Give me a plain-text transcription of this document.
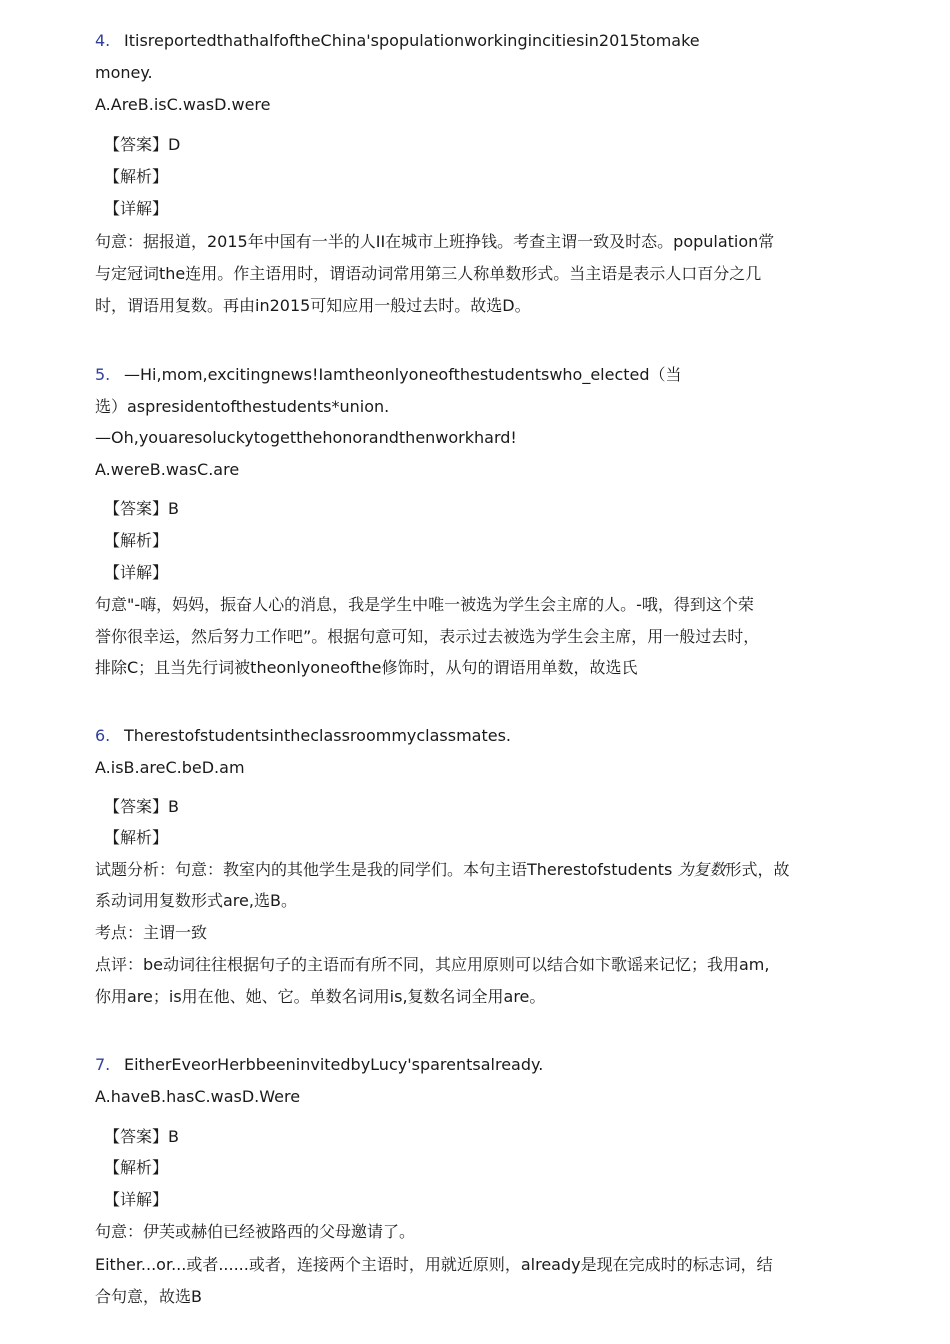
4. ItisreportedthathalfoftheChina'spopulationworkingincitiesin2015tomake
money.
A.AreB.isC.wasD.were
【答案】D
【解析】
【详解】
句意：据报道，2015年中国有一半的人II在城市上班挣钱。考查主谓一致及时态。population常
与定冠词the连用。作主语用时，谓语动词常用第三人称单数形式。当主语是表示人口百分之几
时，谓语用复数。再由in2015可知应用一般过去时。故选D。
5. —Hi,mom,excitingnews!Iamtheonlyoneofthestudentswho_elected（当
选）aspresidentofthestudents*union.
—Oh,youaresoluckytogetthehonorandthenworkhard!
A.wereB.wasC.are
【答案】B
【解析】
【详解】
句意"-嗨，妈妈，振奋人心的消息，我是学生中唯一被选为学生会主席的人。-哦，得到这个荣
誉你很幸运，然后努力工作吧”。根据句意可知，表示过去被选为学生会主席，用一般过去时，
排除C；且当先行词被theonlyoneofthe修饰时，从句的谓语用单数，故选氏
6. Therestofstudentsintheclassroommyclassmates.
A.isB.areC.beD.am
【答案】B
【解析】
试题分析：句意：教室内的其他学生是我的同学们。本句主语Therestofstudents 为复数形式，故
系动词用复数形式are,选B。
考点：主谓一致
点评：be动词往往根据句子的主语而有所不同，其应用原则可以结合如卞歌谣来记忆；我用am,
你用are；is用在他、她、它。单数名词用is,复数名词全用are。
7. EitherEveorHerbbeeninvitedbyLucy'sparentsalready.
A.haveB.hasC.wasD.Were
【答案】B
【解析】
【详解】
句意：伊芙或赫伯已经被路西的父母邀请了。
Either...or...或者......或者，连接两个主语时，用就近原则，already是现在完成时的标志词，结
合句意，故选B
